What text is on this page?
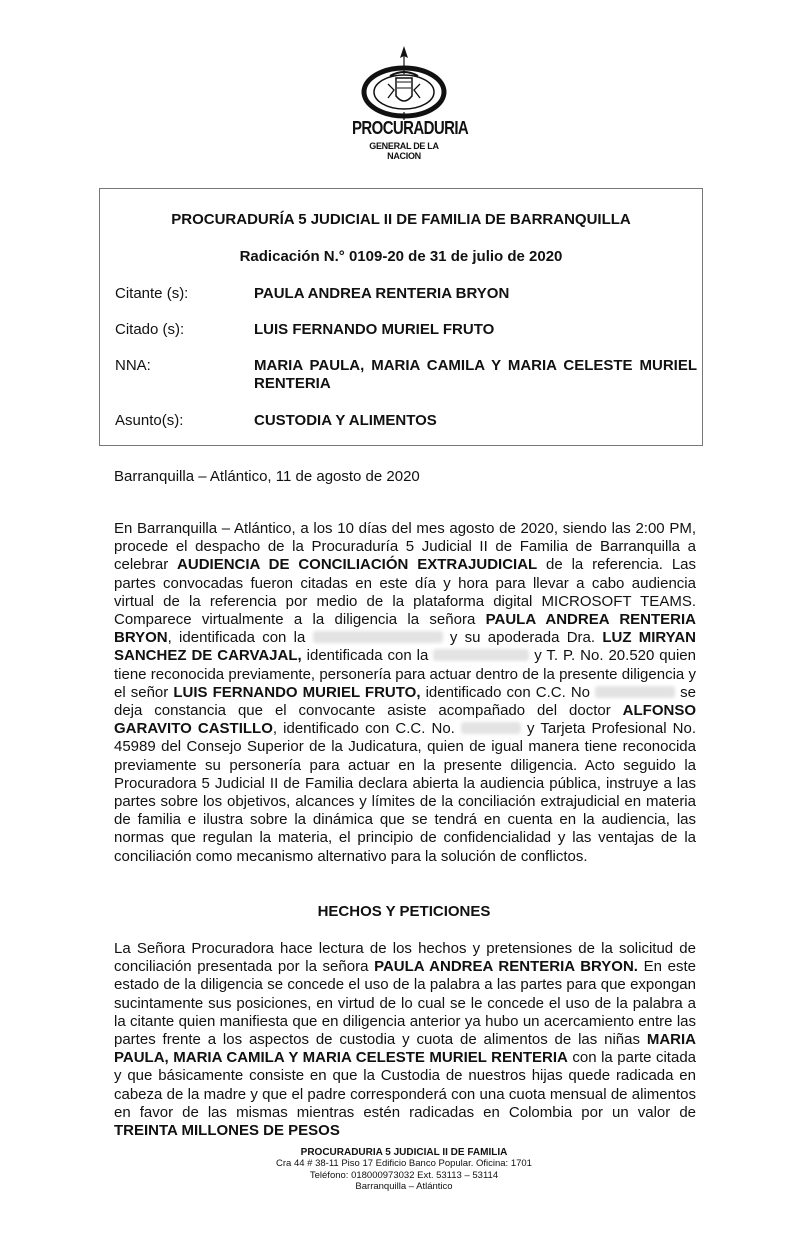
PROCURADURIA
GENERAL DE LA NACION
PROCURADURÍA 5 JUDICIAL II DE FAMILIA DE BARRANQUILLA
Radicación N.° 0109-20 de 31 de julio de 2020
Citante (s):	PAULA ANDREA RENTERIA BRYON
Citado (s):	LUIS FERNANDO MURIEL FRUTO
NNA:	MARIA PAULA, MARIA CAMILA Y MARIA CELESTE MURIEL RENTERIA
Asunto(s):	CUSTODIA Y ALIMENTOS
Barranquilla – Atlántico, 11 de agosto de 2020
En Barranquilla – Atlántico, a los 10 días del mes agosto de 2020, siendo las 2:00 PM, procede el despacho de la Procuraduría 5 Judicial II de Familia de Barranquilla a celebrar AUDIENCIA DE CONCILIACIÓN EXTRAJUDICIAL de la referencia. Las partes convocadas fueron citadas en este día y hora para llevar a cabo audiencia virtual de la referencia por medio de la plataforma digital MICROSOFT TEAMS. Comparece virtualmente a la diligencia la señora PAULA ANDREA RENTERIA BRYON, identificada con la	y su apoderada Dra. LUZ MIRYAN SANCHEZ DE CARVAJAL, identificada con la	y T. P. No. 20.520 quien tiene reconocida previamente, personería para actuar dentro de la presente diligencia y el señor LUIS FERNANDO MURIEL FRUTO, identificado con C.C. No	se deja constancia que el convocante asiste acompañado del doctor ALFONSO GARAVITO CASTILLO, identificado con C.C. No.	y Tarjeta Profesional No. 45989 del Consejo Superior de la Judicatura, quien de igual manera tiene reconocida previamente su personería para actuar en la presente diligencia. Acto seguido la Procuradora 5 Judicial II de Familia declara abierta la audiencia pública, instruye a las partes sobre los objetivos, alcances y límites de la conciliación extrajudicial en materia de familia e ilustra sobre la dinámica que se tendrá en cuenta en la audiencia, las normas que regulan la materia, el principio de confidencialidad y las ventajas de la conciliación como mecanismo alternativo para la solución de conflictos.
HECHOS Y PETICIONES
La Señora Procuradora hace lectura de los hechos y pretensiones de la solicitud de conciliación presentada por la señora PAULA ANDREA RENTERIA BRYON. En este estado de la diligencia se concede el uso de la palabra a las partes para que expongan sucintamente sus posiciones, en virtud de lo cual se le concede el uso de la palabra a la citante quien manifiesta que en diligencia anterior ya hubo un acercamiento entre las partes frente a los aspectos de custodia y cuota de alimentos de las niñas MARIA PAULA, MARIA CAMILA Y MARIA CELESTE MURIEL RENTERIA con la parte citada y que básicamente consiste en que la Custodia de nuestros hijas quede radicada en cabeza de la madre y que el padre corresponderá con una cuota mensual de alimentos en favor de las mismas mientras estén radicadas en Colombia por un valor de TREINTA MILLONES DE PESOS
PROCURADURIA 5 JUDICIAL II DE FAMILIA
Cra 44 # 38-11 Piso 17 Edificio Banco Popular. Oficina: 1701
Teléfono: 018000973032 Ext. 53113 – 53114
Barranquilla – Atlántico
